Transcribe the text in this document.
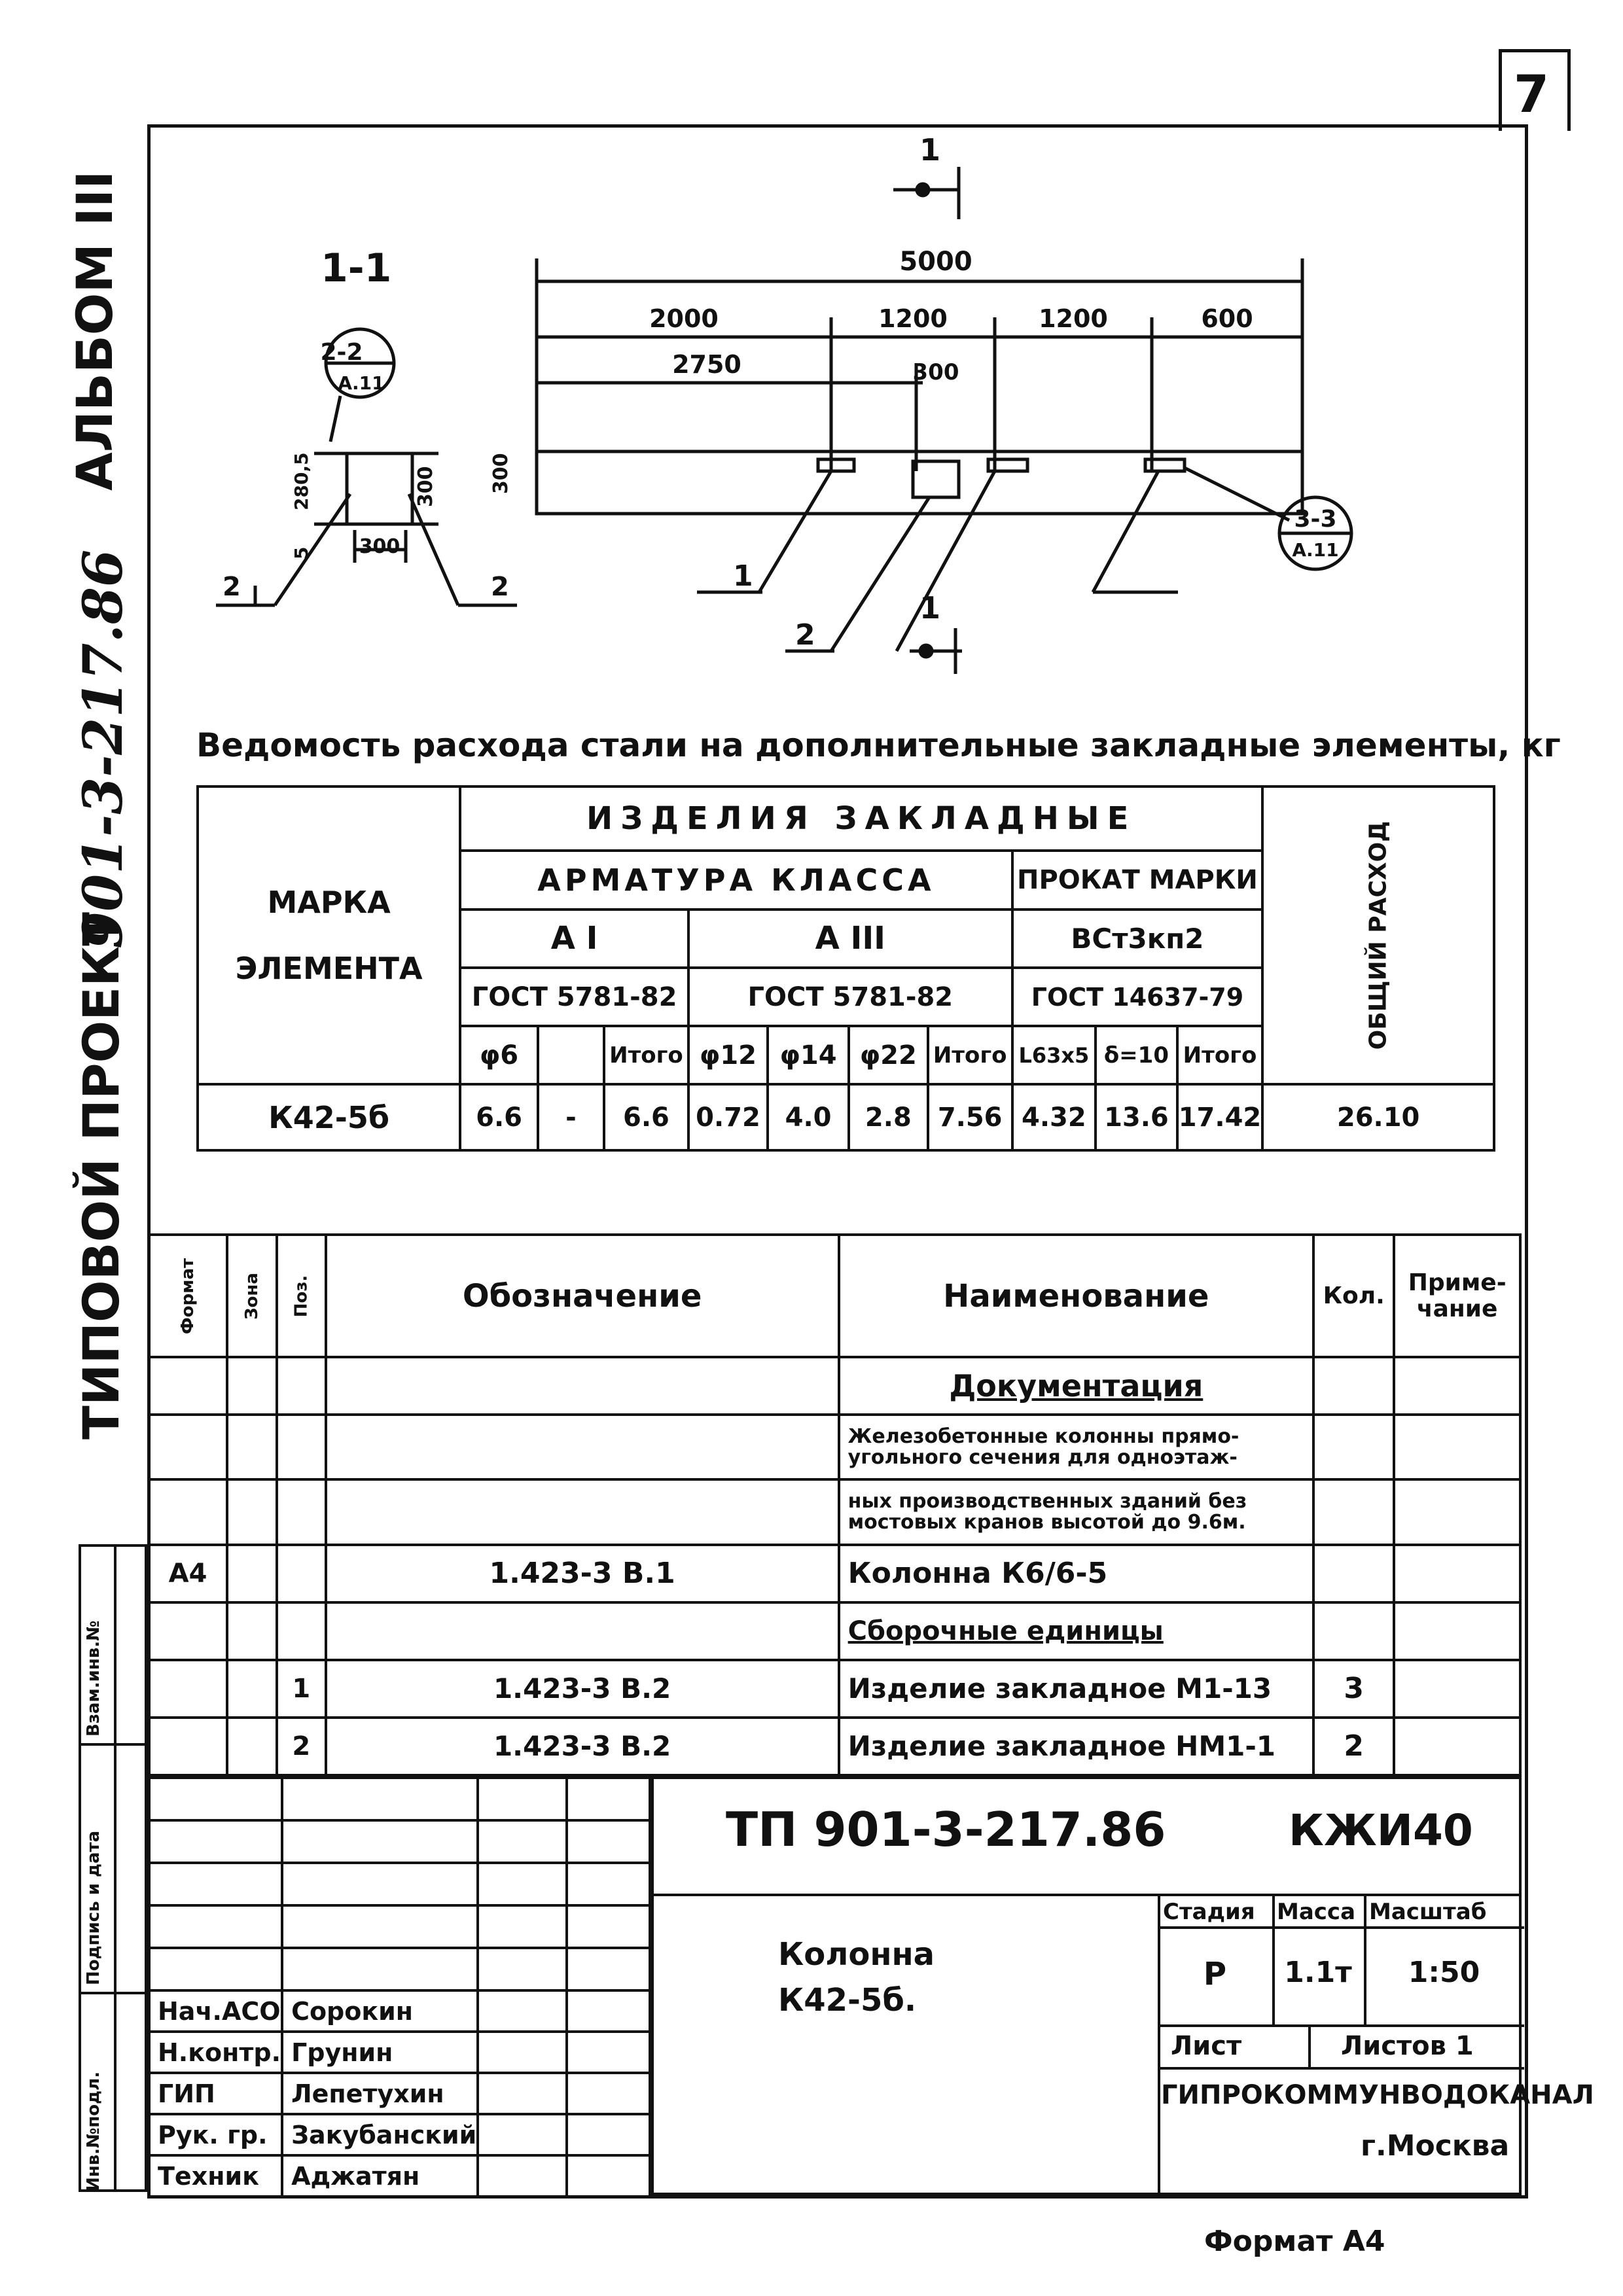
7
АЛЬБОМ III
ТИПОВОЙ ПРОЕКТ
901-3-217.86
Инв.№подл.
Подпись и дата
Взам.инв.№
1-1
1
1
5000
2000	1200	1200	600
2750	300
300
2-2
А.11
3-3
А.11
300
300
280,5
5
1
2
2	2
Ведомость расхода стали на дополнительные закладные элементы, кг
МАРКА
ЭЛЕМЕНТА	ИЗДЕЛИЯ ЗАКЛАДНЫЕ										ОБЩИЙ РАСХОД

	АРМАТУРА КЛАССА							ПРОКАТ МАРКИ			
	А I			А III				ВСт3кп2			
	ГОСТ 5781-82			ГОСТ 5781-82				ГОСТ 14637-79			
	φ6		Итого	φ12	φ14	φ22	Итого	L63x5	δ=10	Итого	
К42-5б	6.6	-	6.6	0.72	4.0	2.8	7.56	4.32	13.6	17.42	26.10
Формат	Зона	Поз.	Обозначение	Наименование	Кол.	Приме- чание
				Документация		
				Железобетонные колонны прямо- угольного сечения для одноэтаж-		
				ных производственных зданий без мостовых кранов высотой до 9.6м.		
А4			1.423-3 В.1	Колонна К6/6-5		
				Сборочные единицы		
		1	1.423-3 В.2	Изделие закладное М1-13	3	
		2	1.423-3 В.2	Изделие закладное НМ1-1	2	

Нач.АСО	Сорокин		
Н.контр.	Грунин		
ГИП	Лепетухин		
Рук. гр.	Закубанский		
Техник	Аджатян		
ТП 901-3-217.86	КЖИ40
Колонна
К42-5б.
Стадия Масса Масштаб
Р	1.1т	1:50
Лист	Листов 1
ГИПРОКОММУНВОДОКАНАЛ
г.Москва
Формат А4
